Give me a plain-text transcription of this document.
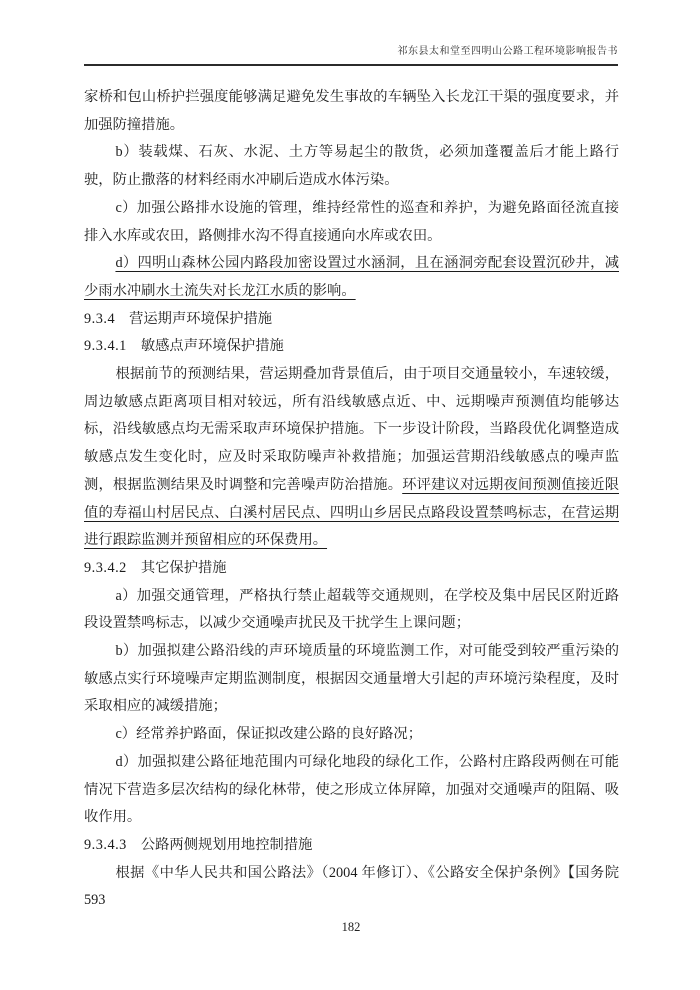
祁东县太和堂至四明山公路工程环境影响报告书

家桥和包山桥护拦强度能够满足避免发生事故的车辆坠入长龙江干渠的强度要求，并加强防撞措施。

b）装载煤、石灰、水泥、土方等易起尘的散货，必须加蓬覆盖后才能上路行驶，防止撒落的材料经雨水冲刷后造成水体污染。

c）加强公路排水设施的管理，维持经常性的巡查和养护，为避免路面径流直接排入水库或农田，路侧排水沟不得直接通向水库或农田。

d）四明山森林公园内路段加密设置过水涵洞，且在涵洞旁配套设置沉砂井，减少雨水冲刷水土流失对长龙江水质的影响。

9.3.4 营运期声环境保护措施
9.3.4.1 敏感点声环境保护措施

根据前节的预测结果，营运期叠加背景值后，由于项目交通量较小，车速较缓，周边敏感点距离项目相对较远，所有沿线敏感点近、中、远期噪声预测值均能够达标，沿线敏感点均无需采取声环境保护措施。下一步设计阶段，当路段优化调整造成敏感点发生变化时，应及时采取防噪声补救措施；加强运营期沿线敏感点的噪声监测，根据监测结果及时调整和完善噪声防治措施。环评建议对远期夜间预测值接近限值的寿福山村居民点、白溪村居民点、四明山乡居民点路段设置禁鸣标志，在营运期进行跟踪监测并预留相应的环保费用。

9.3.4.2 其它保护措施

a）加强交通管理，严格执行禁止超载等交通规则，在学校及集中居民区附近路段设置禁鸣标志，以减少交通噪声扰民及干扰学生上课问题；

b）加强拟建公路沿线的声环境质量的环境监测工作，对可能受到较严重污染的敏感点实行环境噪声定期监测制度，根据因交通量增大引起的声环境污染程度，及时采取相应的减缓措施；

c）经常养护路面，保证拟改建公路的良好路况；

d）加强拟建公路征地范围内可绿化地段的绿化工作，公路村庄路段两侧在可能情况下营造多层次结构的绿化林带，使之形成立体屏障，加强对交通噪声的阻隔、吸收作用。

9.3.4.3 公路两侧规划用地控制措施

根据《中华人民共和国公路法》（2004 年修订）、《公路安全保护条例》【国务院 593

182
